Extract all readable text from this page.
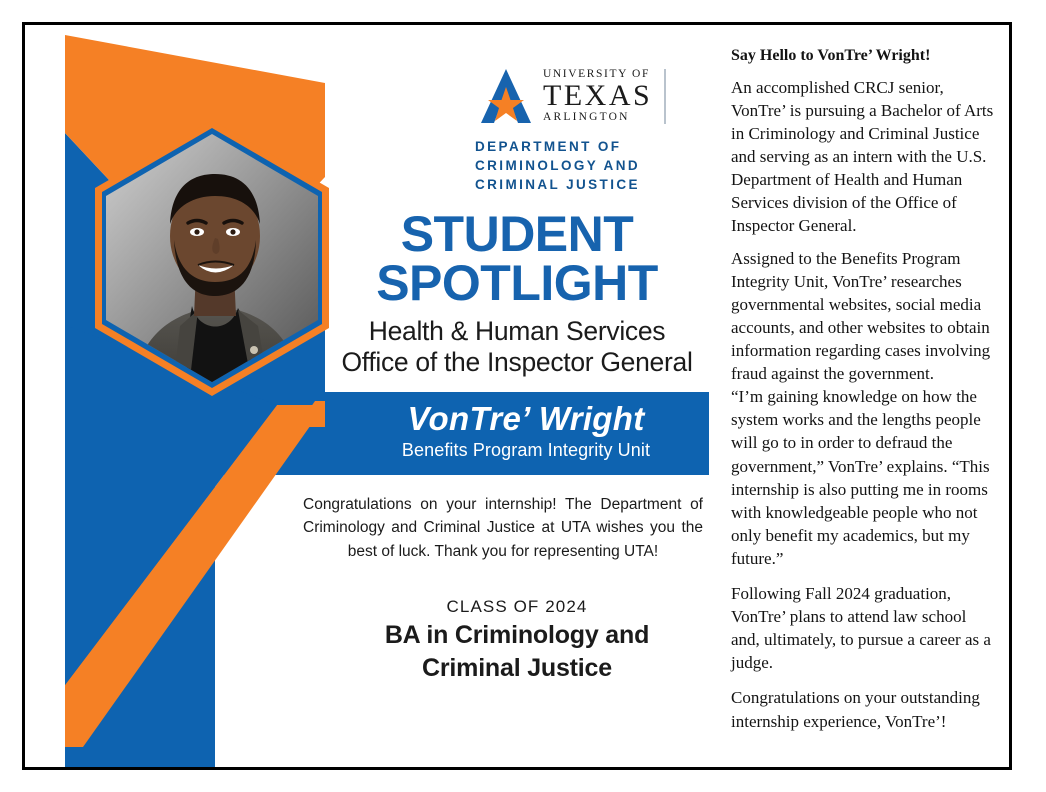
UNIVERSITY OF
TEXAS
ARLINGTON
DEPARTMENT OF
CRIMINOLOGY AND
CRIMINAL JUSTICE
STUDENT
SPOTLIGHT
Health & Human Services
Office of the Inspector General
VonTre’ Wright
Benefits Program Integrity Unit
Congratulations on your internship! The Department of Criminology and Criminal Justice at UTA wishes you the best of luck. Thank you for representing UTA!
CLASS OF 2024
BA in Criminology and
Criminal Justice
Say Hello to VonTre’ Wright!

An accomplished CRCJ senior, VonTre’ is pursuing a Bachelor of Arts in Criminology and Criminal Justice and serving as an intern with the U.S. Department of Health and Human Services division of the Office of Inspector General.

Assigned to the Benefits Program Integrity Unit, VonTre’ researches governmental websites, social media accounts, and other websites to obtain information regarding cases involving fraud against the government.

“I’m gaining knowledge on how the system works and the lengths people will go to in order to defraud the government,” VonTre’ explains. “This internship is also putting me in rooms with knowledgeable people who not only benefit my academics, but my future.”

Following Fall 2024 graduation, VonTre’ plans to attend law school and, ultimately, to pursue a career as a judge.

Congratulations on your outstanding internship experience, VonTre’!
